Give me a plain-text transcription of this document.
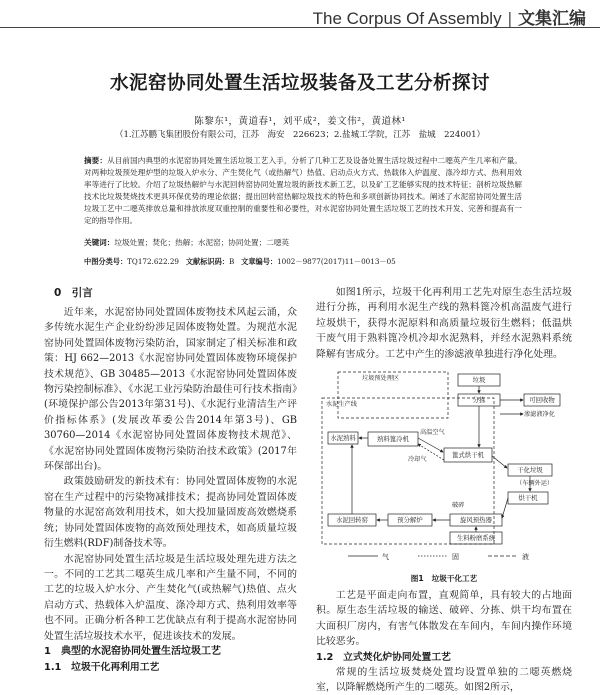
The Corpus Of Assembly | 文集汇编
水泥窑协同处置生活垃圾装备及工艺分析探讨
陈黎东¹，黄道春¹，刘平成²，姜文伟²，黄道林¹
（1.江苏鹏飞集团股份有限公司，江苏　海安　226623；2.盐城工学院，江苏　盐城　224001）
摘要：从目前国内典型的水泥窑协同处置生活垃圾工艺入手，分析了几种工艺及设备处置生活垃圾过程中二噁英产生几率和产量。对两种垃圾预处理炉型的垃圾入炉水分、产生焚化气（或热解气）热值、启动点火方式、热载体入炉温度、涤冷却方式、热利用效率等进行了比较。介绍了垃圾热解炉与水泥回转窑协同处置垃圾的新技术新工艺，以及矿工艺能够实现的技术特征；剖析垃圾热解技术比垃圾焚烧技术更具环保优势的理论依据；提出回转窑热解垃圾技术的特色和多项创新协同技术。阐述了水泥窑协同处置生活垃圾工艺中二噁英排放总量和排放浓度双重控制的重要性和必要性，对水泥窑协同处置生活垃圾工艺的技术开发、完善和提高有一定的指导作用。
关键词：垃圾处置；焚化；热解；水泥窑；协同处置；二噁英
中图分类号：TQ172.622.29 文献标识码：B 文章编号：1002－9877(2017)11－0013－05
0　引言

近年来，水泥窑协同处置固体废物技术风起云涌，众多传统水泥生产企业纷纷涉足固体废物处置。为规范水泥窑协同处置固体废物污染防治，国家制定了相关标准和政策：HJ 662—2013《水泥窑协同处置固体废物环境保护技术规范》、GB 30485—2013《水泥窑协同处置固体废物污染控制标准》、《水泥工业污染防治最佳可行技术指南》(环境保护部公告2013年第31号)、《水泥行业清洁生产评价指标体系》(发展改革委公告2014年第3号)、GB 30760—2014《水泥窑协同处置固体废物技术规范》、《水泥窑协同处置固体废物污染防治技术政策》(2017年环保部出台)。

政策鼓励研发的新技术有：协同处置固体废物的水泥窑在生产过程中的污染物减排技术；提高协同处置固体废物量的水泥窑高效利用技术，如大投加量固废高效燃烧系统；协同处置固体废物的高效预处理技术，如高质量垃圾衍生燃料(RDF)制备技术等。

水泥窑协同处置生活垃圾是生活垃圾处理先进方法之一。不同的工艺其二噁英生成几率和产生量不同，不同的工艺的垃圾入炉水分、产生焚化气(或热解气)热值、点火启动方式、热载体入炉温度、涤冷却方式、热利用效率等也不同。正确分析各种工艺优缺点有利于提高水泥窑协同处置生活垃圾技术水平，促进该技术的发展。

1　典型的水泥窑协同处置生活垃圾工艺
1.1　垃圾干化再利用工艺

如图1所示，垃圾干化再利用工艺先对原生态生活垃圾进行分拣，再利用水泥生产线的熟料篦冷机高温废气进行垃圾烘干，获得水泥原料和高质量垃圾衍生燃料；低温烘干废气用于熟料篦冷机冷却水泥熟料，并经水泥熟料系统降解有害成分。工艺中产生的渗滤液单独进行净化处理。

垃圾预处理区	垃圾
分拣	可回收物
渗滤液净化
水泥生产线
熟料篦冷机
水泥熟料
高温空气
冷却气
篦式烘干机
干化垃圾
（车辆外运）
烘干机
水泥回转窑	预分解炉
破碎
旋风预热器
生料粉磨系统
气	固	液
图1 垃圾干化工艺

工艺是平面走向布置，直观简单，具有较大的占地面积。原生态生活垃圾的输送、破碎、分拣、烘干均布置在大面积厂房内，有害气体散发在车间内，车间内操作环境比较恶劣。

1.2　立式焚化炉协同处置工艺

常规的生活垃圾焚烧处置均设置单独的二噁英燃烧室，以降解燃烧所产生的二噁英。如图2所示，
